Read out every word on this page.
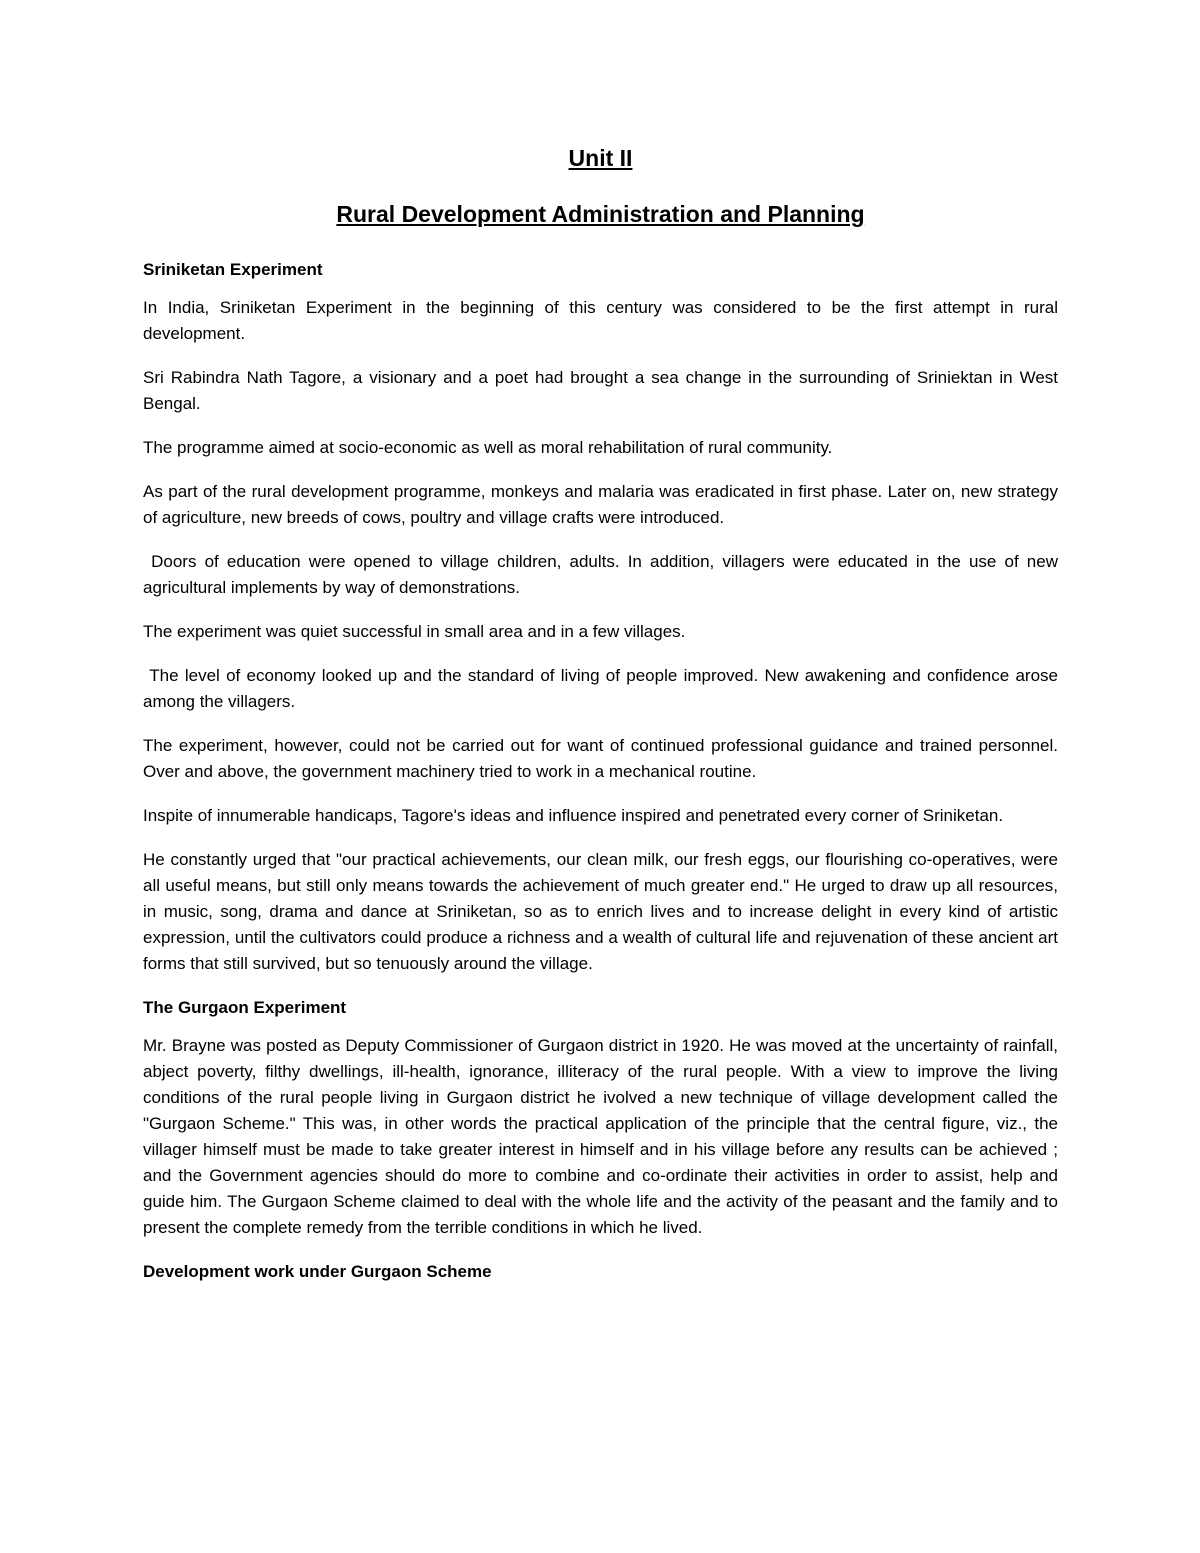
Unit II
Rural Development Administration and Planning
Sriniketan Experiment

In India, Sriniketan Experiment in the beginning of this century was considered to be the first attempt in rural development.

Sri Rabindra Nath Tagore, a visionary and a poet had brought a sea change in the surrounding of Sriniektan in West Bengal.

The programme aimed at socio-economic as well as moral rehabilitation of rural community.

As part of the rural development programme, monkeys and malaria was eradicated in first phase. Later on, new strategy of agriculture, new breeds of cows, poultry and village crafts were introduced.

Doors of education were opened to village children, adults. In addition, villagers were educated in the use of new agricultural implements by way of demonstrations.

The experiment was quiet successful in small area and in a few villages.

The level of economy looked up and the standard of living of people improved. New awakening and confidence arose among the villagers.

The experiment, however, could not be carried out for want of continued professional guidance and trained personnel. Over and above, the government machinery tried to work in a mechanical routine.

Inspite of innumerable handicaps, Tagore's ideas and influence inspired and penetrated every corner of Sriniketan.

He constantly urged that "our practical achievements, our clean milk, our fresh eggs, our flourishing co-operatives, were all useful means, but still only means towards the achievement of much greater end." He urged to draw up all resources, in music, song, drama and dance at Sriniketan, so as to enrich lives and to increase delight in every kind of artistic expression, until the cultivators could produce a richness and a wealth of cultural life and rejuvenation of these ancient art forms that still survived, but so tenuously around the village.

The Gurgaon Experiment

Mr. Brayne was posted as Deputy Commissioner of Gurgaon district in 1920. He was moved at the uncertainty of rainfall, abject poverty, filthy dwellings, ill-health, ignorance, illiteracy of the rural people. With a view to improve the living conditions of the rural people living in Gurgaon district he ivolved a new technique of village development called the "Gurgaon Scheme." This was, in other words the practical application of the principle that the central figure, viz., the villager himself must be made to take greater interest in himself and in his village before any results can be achieved ; and the Government agencies should do more to combine and co-ordinate their activities in order to assist, help and guide him. The Gurgaon Scheme claimed to deal with the whole life and the activity of the peasant and the family and to present the complete remedy from the terrible conditions in which he lived.

Development work under Gurgaon Scheme
